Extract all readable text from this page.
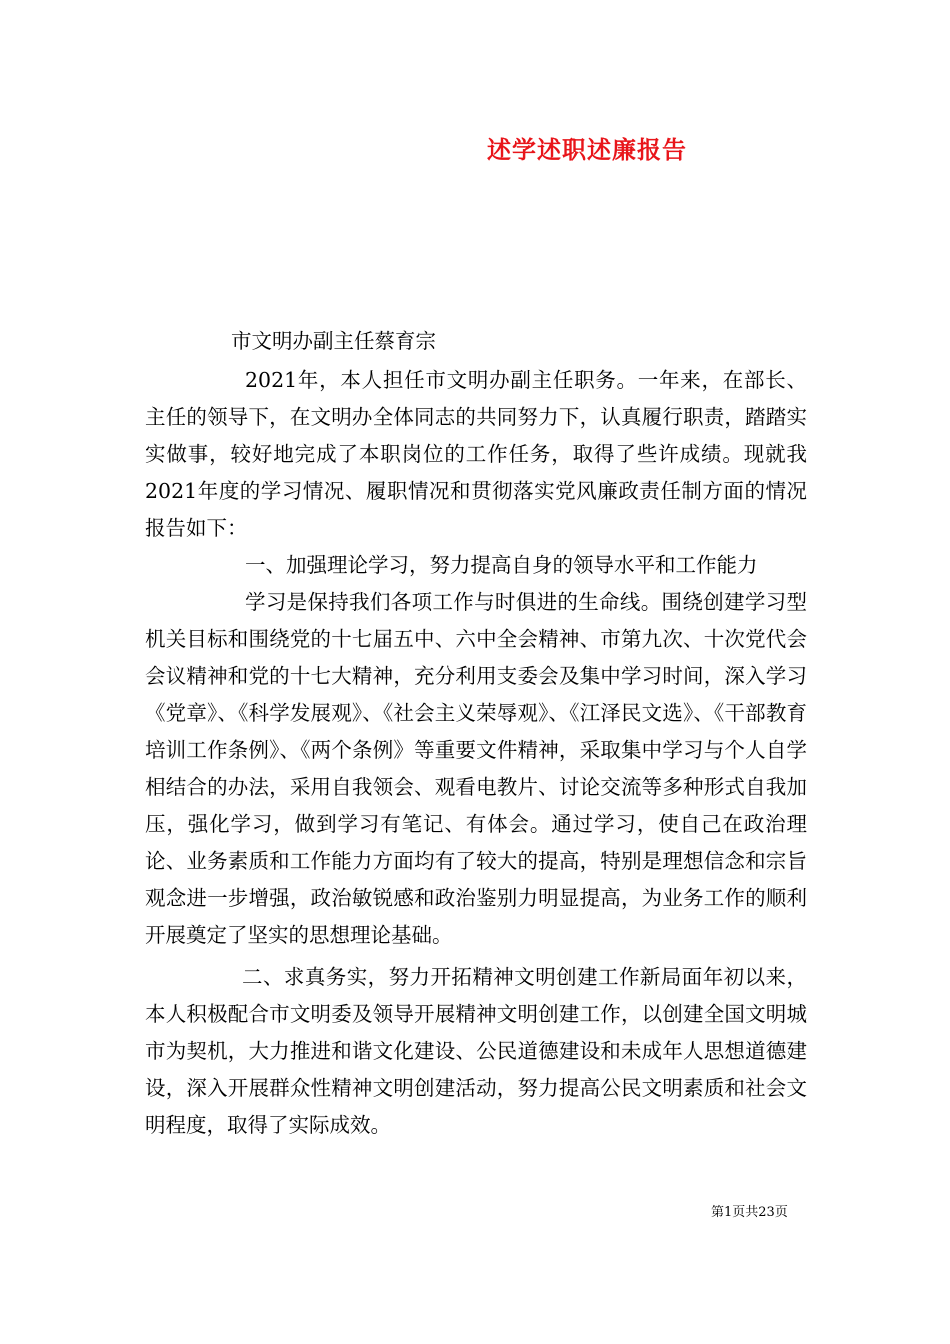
述学述职述廉报告

市文明办副主任蔡育宗

2021年，本人担任市文明办副主任职务。一年来，在部长、主任的领导下，在文明办全体同志的共同努力下，认真履行职责，踏踏实实做事，较好地完成了本职岗位的工作任务，取得了些许成绩。现就我2021年度的学习情况、履职情况和贯彻落实党风廉政责任制方面的情况报告如下：

一、加强理论学习，努力提高自身的领导水平和工作能力

学习是保持我们各项工作与时俱进的生命线。围绕创建学习型机关目标和围绕党的十七届五中、六中全会精神、市第九次、十次党代会会议精神和党的十七大精神，充分利用支委会及集中学习时间，深入学习《党章》、《科学发展观》、《社会主义荣辱观》、《江泽民文选》、《干部教育培训工作条例》、《两个条例》等重要文件精神，采取集中学习与个人自学相结合的办法，采用自我领会、观看电教片、讨论交流等多种形式自我加压，强化学习，做到学习有笔记、有体会。通过学习，使自己在政治理论、业务素质和工作能力方面均有了较大的提高，特别是理想信念和宗旨观念进一步增强，政治敏锐感和政治鉴别力明显提高，为业务工作的顺利开展奠定了坚实的思想理论基础。

二、求真务实，努力开拓精神文明创建工作新局面年初以来，本人积极配合市文明委及领导开展精神文明创建工作，以创建全国文明城市为契机，大力推进和谐文化建设、公民道德建设和未成年人思想道德建设，深入开展群众性精神文明创建活动，努力提高公民文明素质和社会文明程度，取得了实际成效。

第1页共23页
